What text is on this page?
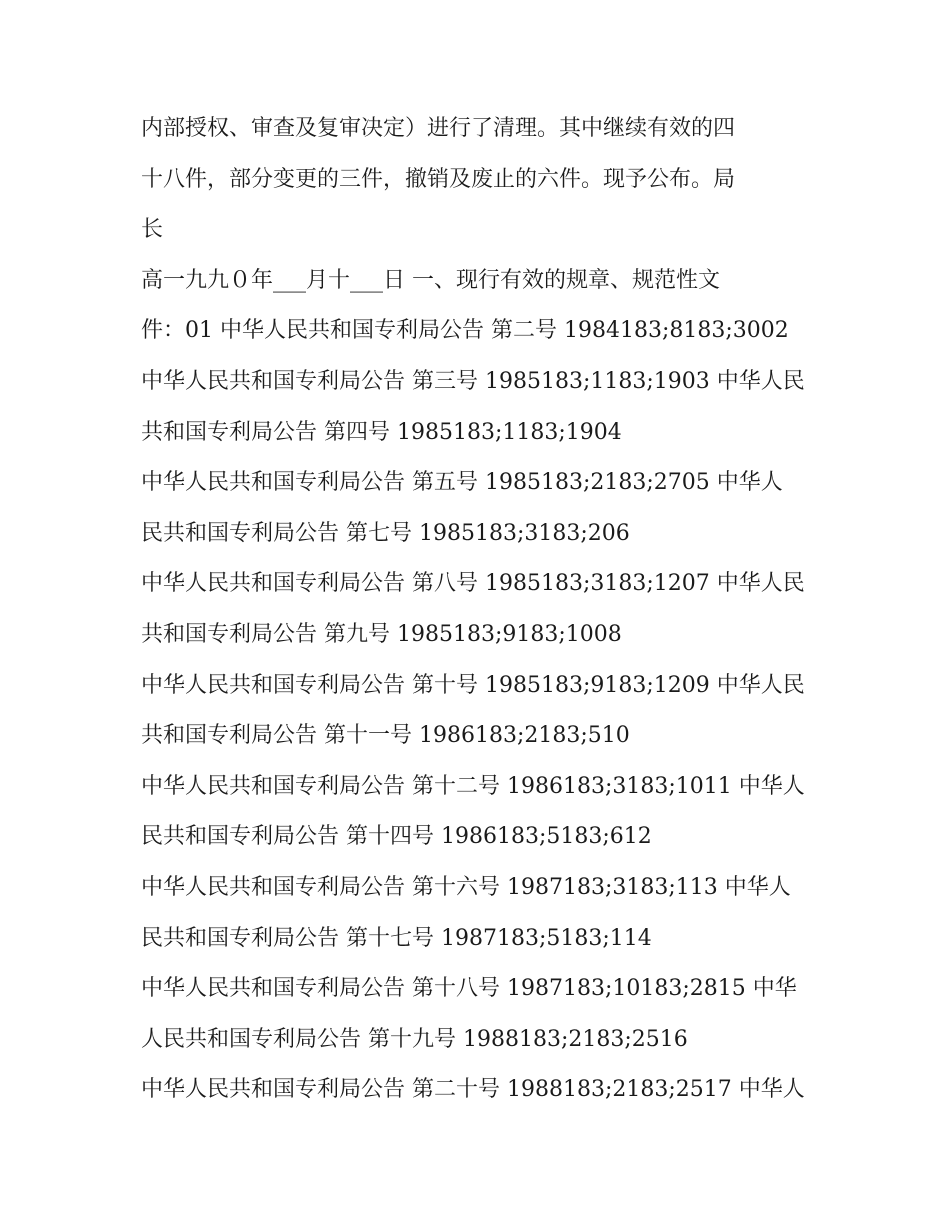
内部授权、审查及复审决定）进行了清理。其中继续有效的四
十八件，部分变更的三件，撤销及废止的六件。现予公布。局
长
高一九九０年___月十___日 一、现行有效的规章、规范性文
件：01 中华人民共和国专利局公告 第二号 1984183;8183;3002
中华人民共和国专利局公告 第三号 1985183;1183;1903 中华人民
共和国专利局公告 第四号 1985183;1183;1904
中华人民共和国专利局公告 第五号 1985183;2183;2705 中华人
民共和国专利局公告 第七号 1985183;3183;206
中华人民共和国专利局公告 第八号 1985183;3183;1207 中华人民
共和国专利局公告 第九号 1985183;9183;1008
中华人民共和国专利局公告 第十号 1985183;9183;1209 中华人民
共和国专利局公告 第十一号 1986183;2183;510
中华人民共和国专利局公告 第十二号 1986183;3183;1011 中华人
民共和国专利局公告 第十四号 1986183;5183;612
中华人民共和国专利局公告 第十六号 1987183;3183;113 中华人
民共和国专利局公告 第十七号 1987183;5183;114
中华人民共和国专利局公告 第十八号 1987183;10183;2815 中华
人民共和国专利局公告 第十九号 1988183;2183;2516
中华人民共和国专利局公告 第二十号 1988183;2183;2517 中华人
